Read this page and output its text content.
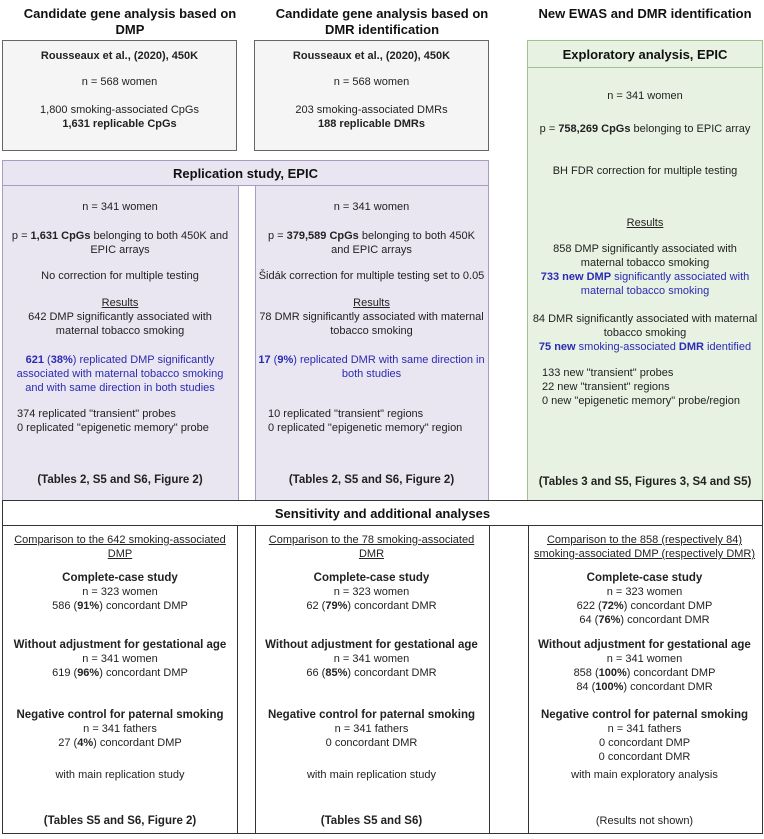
Candidate gene analysis based on
DMP
Candidate gene analysis based on
DMR identification
New EWAS and DMR identification
Rousseaux et al., (2020), 450K
n = 568 women
1,800 smoking-associated CpGs
1,631 replicable CpGs
Rousseaux et al., (2020), 450K
n = 568 women
203 smoking-associated DMRs
188 replicable DMRs
Replication study, EPIC
n = 341 women
p = 1,631 CpGs belonging to both 450K and
EPIC arrays
No correction for multiple testing
Results
642 DMP significantly associated with
maternal tobacco smoking
621 (38%) replicated DMP significantly
associated with maternal tobacco smoking
and with same direction in both studies
374 replicated "transient" probes
0 replicated "epigenetic memory" probe
(Tables 2, S5 and S6, Figure 2)
n = 341 women
p = 379,589 CpGs belonging to both 450K
and EPIC arrays
Šidák correction for multiple testing set to 0.05
Results
78 DMR significantly associated with maternal
tobacco smoking
17 (9%) replicated DMR with same direction in
both studies
10 replicated "transient" regions
0 replicated "epigenetic memory" region
(Tables 2, S5 and S6, Figure 2)
Exploratory analysis, EPIC
n = 341 women
p = 758,269 CpGs belonging to EPIC array
BH FDR correction for multiple testing
Results
858 DMP significantly associated with
maternal tobacco smoking
733 new DMP significantly associated with
maternal tobacco smoking
84 DMR significantly associated with maternal
tobacco smoking
75 new smoking-associated DMR identified
133 new "transient" probes
22 new "transient" regions
0 new "epigenetic memory" probe/region
(Tables 3 and S5, Figures 3, S4 and S5)
Sensitivity and additional analyses
Comparison to the 642 smoking-associated
DMP
Complete-case study
n = 323 women
586 (91%) concordant DMP
Without adjustment for gestational age
n = 341 women
619 (96%) concordant DMP
Negative control for paternal smoking
n = 341 fathers
27 (4%) concordant DMP
with main replication study
(Tables S5 and S6, Figure 2)
Comparison to the 78 smoking-associated
DMR
Complete-case study
n = 323 women
62 (79%) concordant DMR
Without adjustment for gestational age
n = 341 women
66 (85%) concordant DMR
Negative control for paternal smoking
n = 341 fathers
0 concordant DMR
with main replication study
(Tables S5 and S6)
Comparison to the 858 (respectively 84)
smoking-associated DMP (respectively DMR)
Complete-case study
n = 323 women
622 (72%) concordant DMP
64 (76%) concordant DMR
Without adjustment for gestational age
n = 341 women
858 (100%) concordant DMP
84 (100%) concordant DMR
Negative control for paternal smoking
n = 341 fathers
0 concordant DMP
0 concordant DMR
with main exploratory analysis
(Results not shown)
